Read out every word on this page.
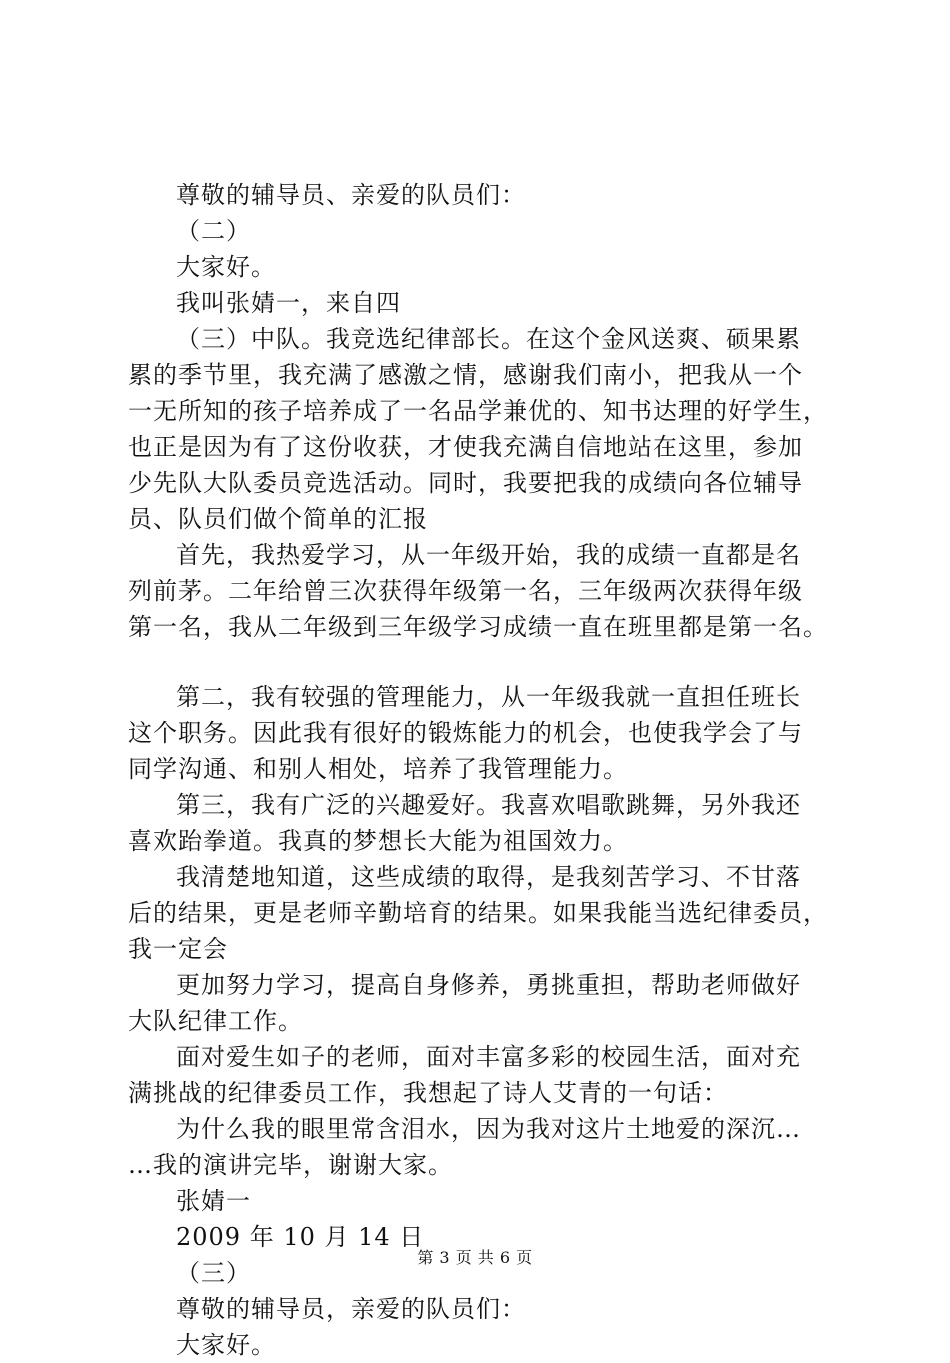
尊敬的辅导员、亲爱的队员们：
（二）
大家好。
我叫张婧一，来自四
（三）中队。我竞选纪律部长。在这个金风送爽、硕果累
累的季节里，我充满了感激之情，感谢我们南小，把我从一个
一无所知的孩子培养成了一名品学兼优的、知书达理的好学生，
也正是因为有了这份收获，才使我充满自信地站在这里，参加
少先队大队委员竞选活动。同时，我要把我的成绩向各位辅导
员、队员们做个简单的汇报
首先，我热爱学习，从一年级开始，我的成绩一直都是名
列前茅。二年给曾三次获得年级第一名，三年级两次获得年级
第一名，我从二年级到三年级学习成绩一直在班里都是第一名。
第二，我有较强的管理能力，从一年级我就一直担任班长
这个职务。因此我有很好的锻炼能力的机会，也使我学会了与
同学沟通、和别人相处，培养了我管理能力。
第三，我有广泛的兴趣爱好。我喜欢唱歌跳舞，另外我还
喜欢跆拳道。我真的梦想长大能为祖国效力。
我清楚地知道，这些成绩的取得，是我刻苦学习、不甘落
后的结果，更是老师辛勤培育的结果。如果我能当选纪律委员，
我一定会
更加努力学习，提高自身修养，勇挑重担，帮助老师做好
大队纪律工作。
面对爱生如子的老师，面对丰富多彩的校园生活，面对充
满挑战的纪律委员工作，我想起了诗人艾青的一句话：
为什么我的眼里常含泪水，因为我对这片土地爱的深沉…
…我的演讲完毕，谢谢大家。
张婧一
2009 年 10 月 14 日
（三）
尊敬的辅导员，亲爱的队员们：
大家好。
第 3 页 共 6 页
